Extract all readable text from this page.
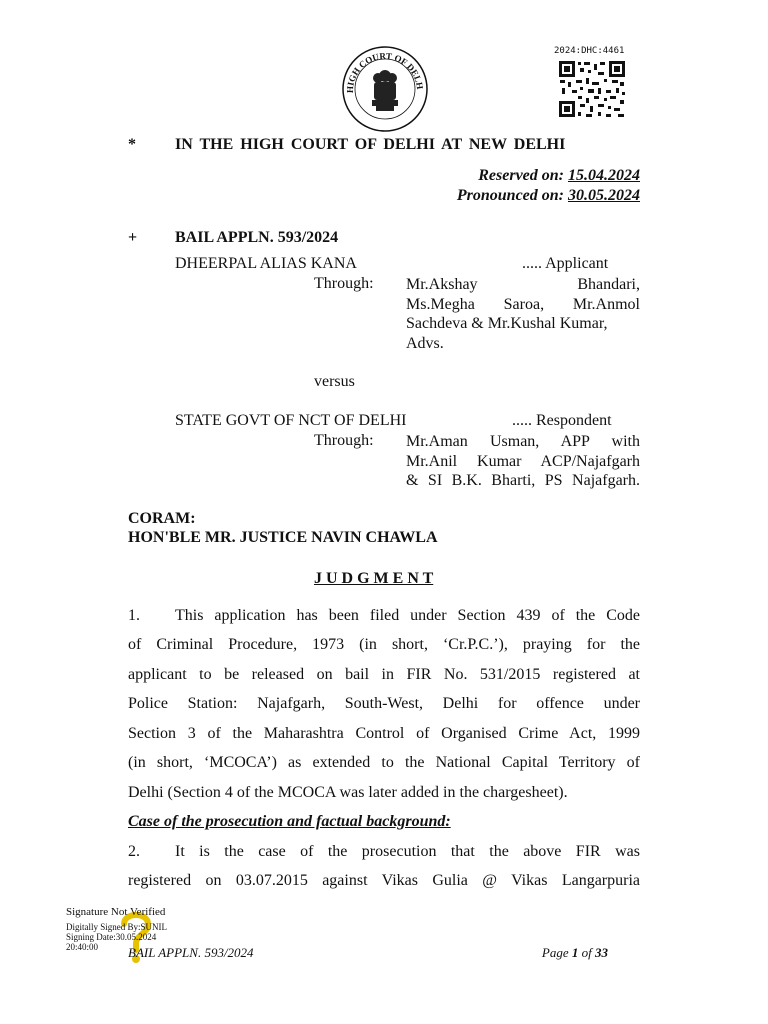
HIGH COURT OF DELH
2024:DHC:4461
* IN THE HIGH COURT OF DELHI AT NEW DELHI
Reserved on: 15.04.2024
Pronounced on: 30.05.2024
+ BAIL APPLN. 593/2024
DHEERPAL ALIAS KANA	..... Applicant
Through: Mr.Akshay	Bhandari,
Ms.Megha Saroa, Mr.Anmol
Sachdeva & Mr.Kushal Kumar,
Advs.
versus
STATE GOVT OF NCT OF DELHI	..... Respondent
Through: Mr.Aman Usman, APP with
Mr.Anil Kumar ACP/Najafgarh
& SI B.K. Bharti, PS Najafgarh.
CORAM:
HON'BLE MR. JUSTICE NAVIN CHAWLA
J U D G M E N T
1. This application has been filed under Section 439 of the Code
of Criminal Procedure, 1973 (in short, ‘Cr.P.C.’), praying for the
applicant to be released on bail in FIR No. 531/2015 registered at
Police Station: Najafgarh, South-West, Delhi for offence under
Section 3 of the Maharashtra Control of Organised Crime Act, 1999
(in short, ‘MCOCA’) as extended to the National Capital Territory of
Delhi (Section 4 of the MCOCA was later added in the chargesheet).
Case of the prosecution and factual background:
2. It is the case of the prosecution that the above FIR was
registered on 03.07.2015 against Vikas Gulia @ Vikas Langarpuria
Signature Not Verified
Digitally Signed By:SUNIL
Signing Date:30.05.2024
20:40:00 BAIL APPLN. 593/2024	Page 1 of 33
